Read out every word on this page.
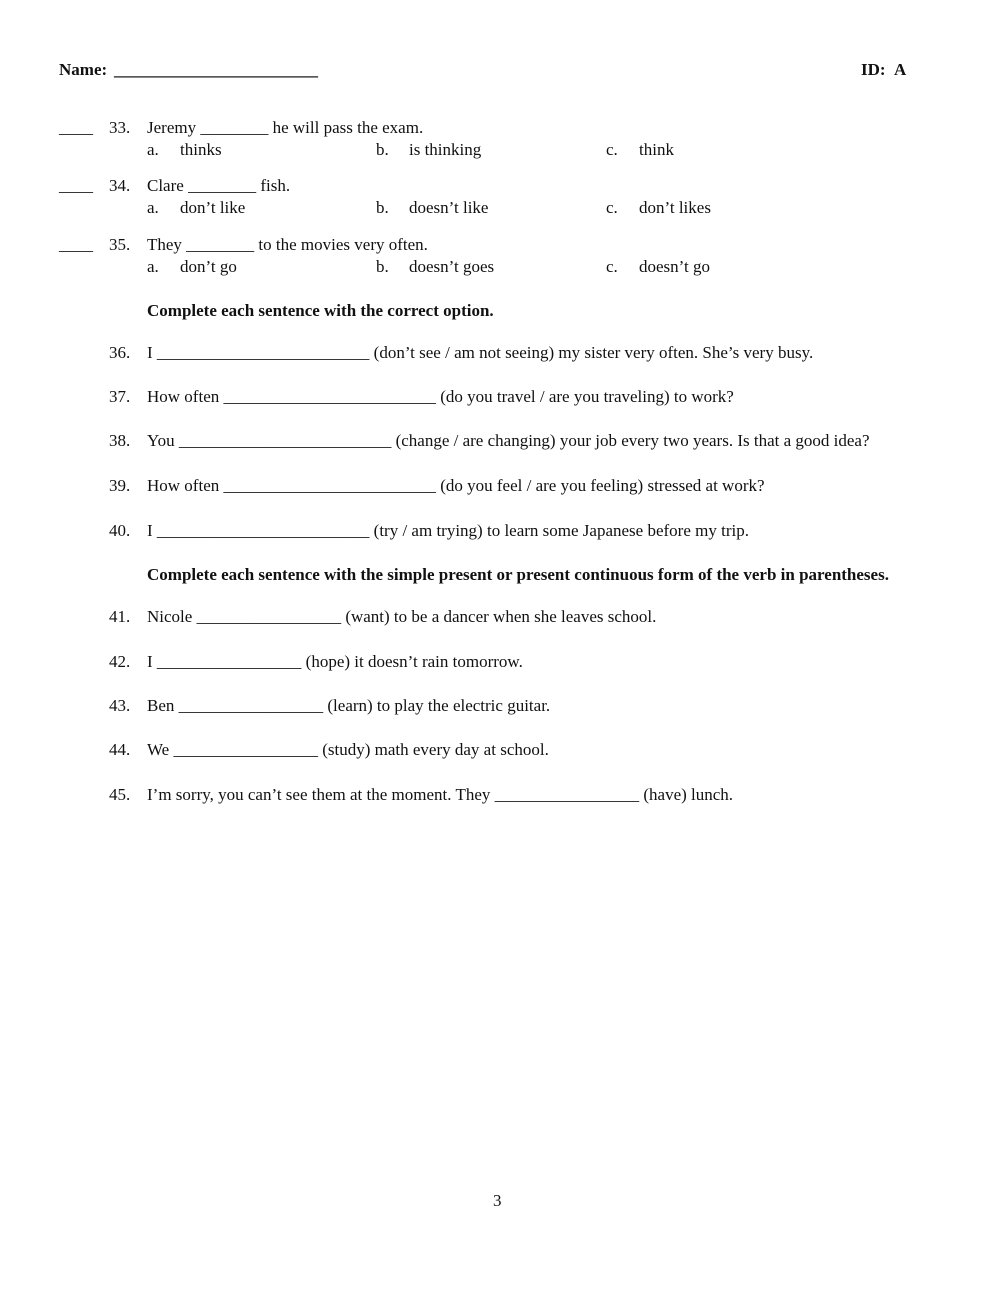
Name: ________________________	ID: A
____ 33. Jeremy ________ he will pass the exam.
a. thinks	b. is thinking	c. think
____ 34. Clare ________ fish.
a. don’t like	b. doesn’t like	c. don’t likes
____ 35. They ________ to the movies very often.
a. don’t go	b. doesn’t goes	c. doesn’t go
Complete each sentence with the correct option.
36. I _________________________ (don’t see / am not seeing) my sister very often. She’s very busy.
37. How often _________________________ (do you travel / are you traveling) to work?
38. You _________________________ (change / are changing) your job every two years. Is that a good idea?
39. How often _________________________ (do you feel / are you feeling) stressed at work?
40. I _________________________ (try / am trying) to learn some Japanese before my trip.
Complete each sentence with the simple present or present continuous form of the verb in parentheses.
41. Nicole _________________ (want) to be a dancer when she leaves school.
42. I _________________ (hope) it doesn’t rain tomorrow.
43. Ben _________________ (learn) to play the electric guitar.
44. We _________________ (study) math every day at school.
45. I’m sorry, you can’t see them at the moment. They _________________ (have) lunch.
3
